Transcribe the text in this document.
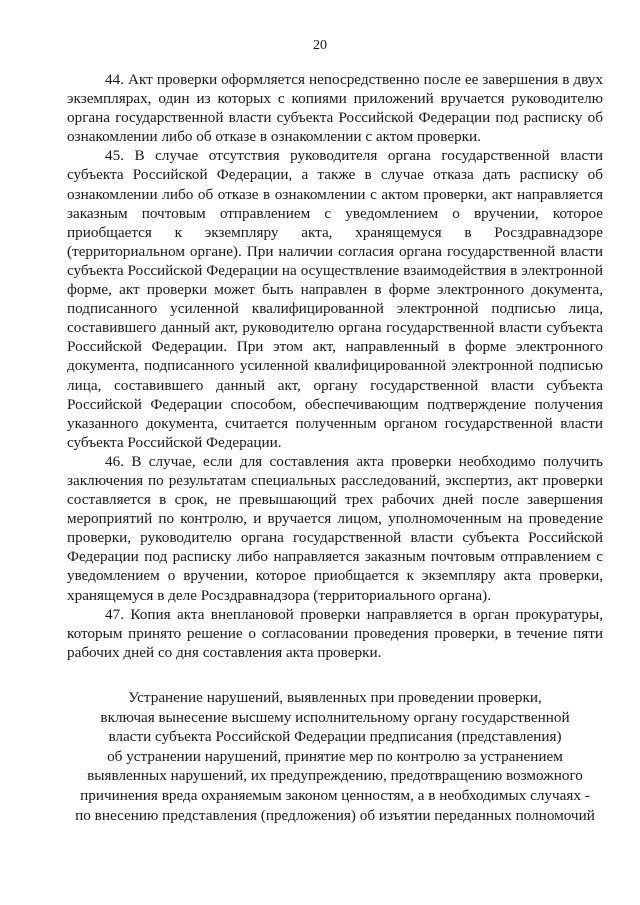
20

44. Акт проверки оформляется непосредственно после ее завершения в двух экземплярах, один из которых с копиями приложений вручается руководителю органа государственной власти субъекта Российской Федерации под расписку об ознакомлении либо об отказе в ознакомлении с актом проверки.

45. В случае отсутствия руководителя органа государственной власти субъекта Российской Федерации, а также в случае отказа дать расписку об ознакомлении либо об отказе в ознакомлении с актом проверки, акт направляется заказным почтовым отправлением с уведомлением о вручении, которое приобщается к экземпляру акта, хранящемуся в Росздравнадзоре (территориальном органе). При наличии согласия органа государственной власти субъекта Российской Федерации на осуществление взаимодействия в электронной форме, акт проверки может быть направлен в форме электронного документа, подписанного усиленной квалифицированной электронной подписью лица, составившего данный акт, руководителю органа государственной власти субъекта Российской Федерации. При этом акт, направленный в форме электронного документа, подписанного усиленной квалифицированной электронной подписью лица, составившего данный акт, органу государственной власти субъекта Российской Федерации способом, обеспечивающим подтверждение получения указанного документа, считается полученным органом государственной власти субъекта Российской Федерации.

46. В случае, если для составления акта проверки необходимо получить заключения по результатам специальных расследований, экспертиз, акт проверки составляется в срок, не превышающий трех рабочих дней после завершения мероприятий по контролю, и вручается лицом, уполномоченным на проведение проверки, руководителю органа государственной власти субъекта Российской Федерации под расписку либо направляется заказным почтовым отправлением с уведомлением о вручении, которое приобщается к экземпляру акта проверки, хранящемуся в деле Росздравнадзора (территориального органа).

47. Копия акта внеплановой проверки направляется в орган прокуратуры, которым принято решение о согласовании проведения проверки, в течение пяти рабочих дней со дня составления акта проверки.

Устранение нарушений, выявленных при проведении проверки,
включая вынесение высшему исполнительному органу государственной
власти субъекта Российской Федерации предписания (представления)
об устранении нарушений, принятие мер по контролю за устранением
выявленных нарушений, их предупреждению, предотвращению возможного
причинения вреда охраняемым законом ценностям, а в необходимых случаях -
по внесению представления (предложения) об изъятии переданных полномочий
